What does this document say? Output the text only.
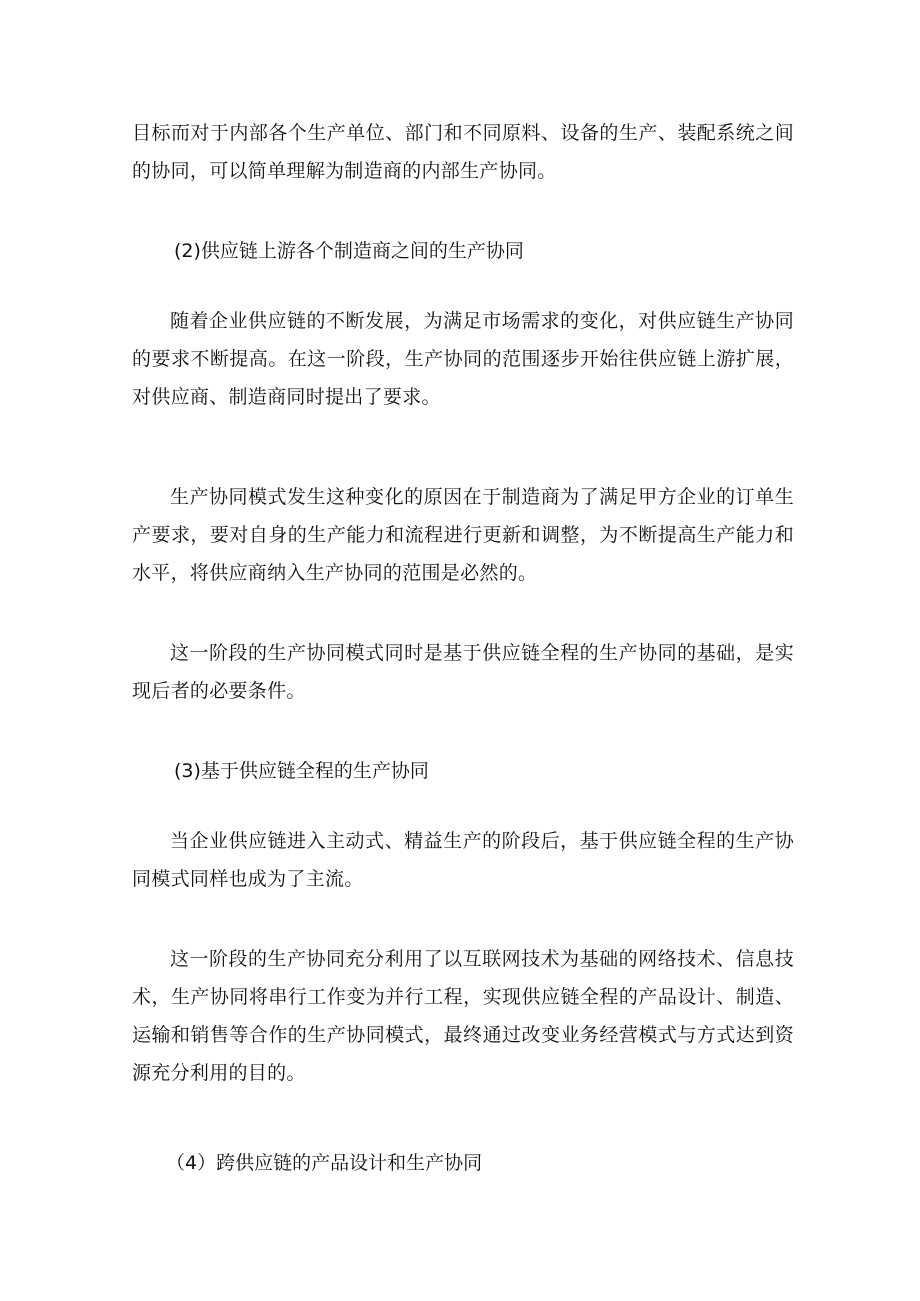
目标而对于内部各个生产单位、部门和不同原料、设备的生产、装配系统之间的协同，可以简单理解为制造商的内部生产协同。

(2)供应链上游各个制造商之间的生产协同

随着企业供应链的不断发展，为满足市场需求的变化，对供应链生产协同的要求不断提高。在这一阶段，生产协同的范围逐步开始往供应链上游扩展，对供应商、制造商同时提出了要求。

生产协同模式发生这种变化的原因在于制造商为了满足甲方企业的订单生产要求，要对自身的生产能力和流程进行更新和调整，为不断提高生产能力和水平，将供应商纳入生产协同的范围是必然的。

这一阶段的生产协同模式同时是基于供应链全程的生产协同的基础，是实现后者的必要条件。

(3)基于供应链全程的生产协同

当企业供应链进入主动式、精益生产的阶段后，基于供应链全程的生产协同模式同样也成为了主流。

这一阶段的生产协同充分利用了以互联网技术为基础的网络技术、信息技术，生产协同将串行工作变为并行工程，实现供应链全程的产品设计、制造、运输和销售等合作的生产协同模式，最终通过改变业务经营模式与方式达到资源充分利用的目的。

（4）跨供应链的产品设计和生产协同
